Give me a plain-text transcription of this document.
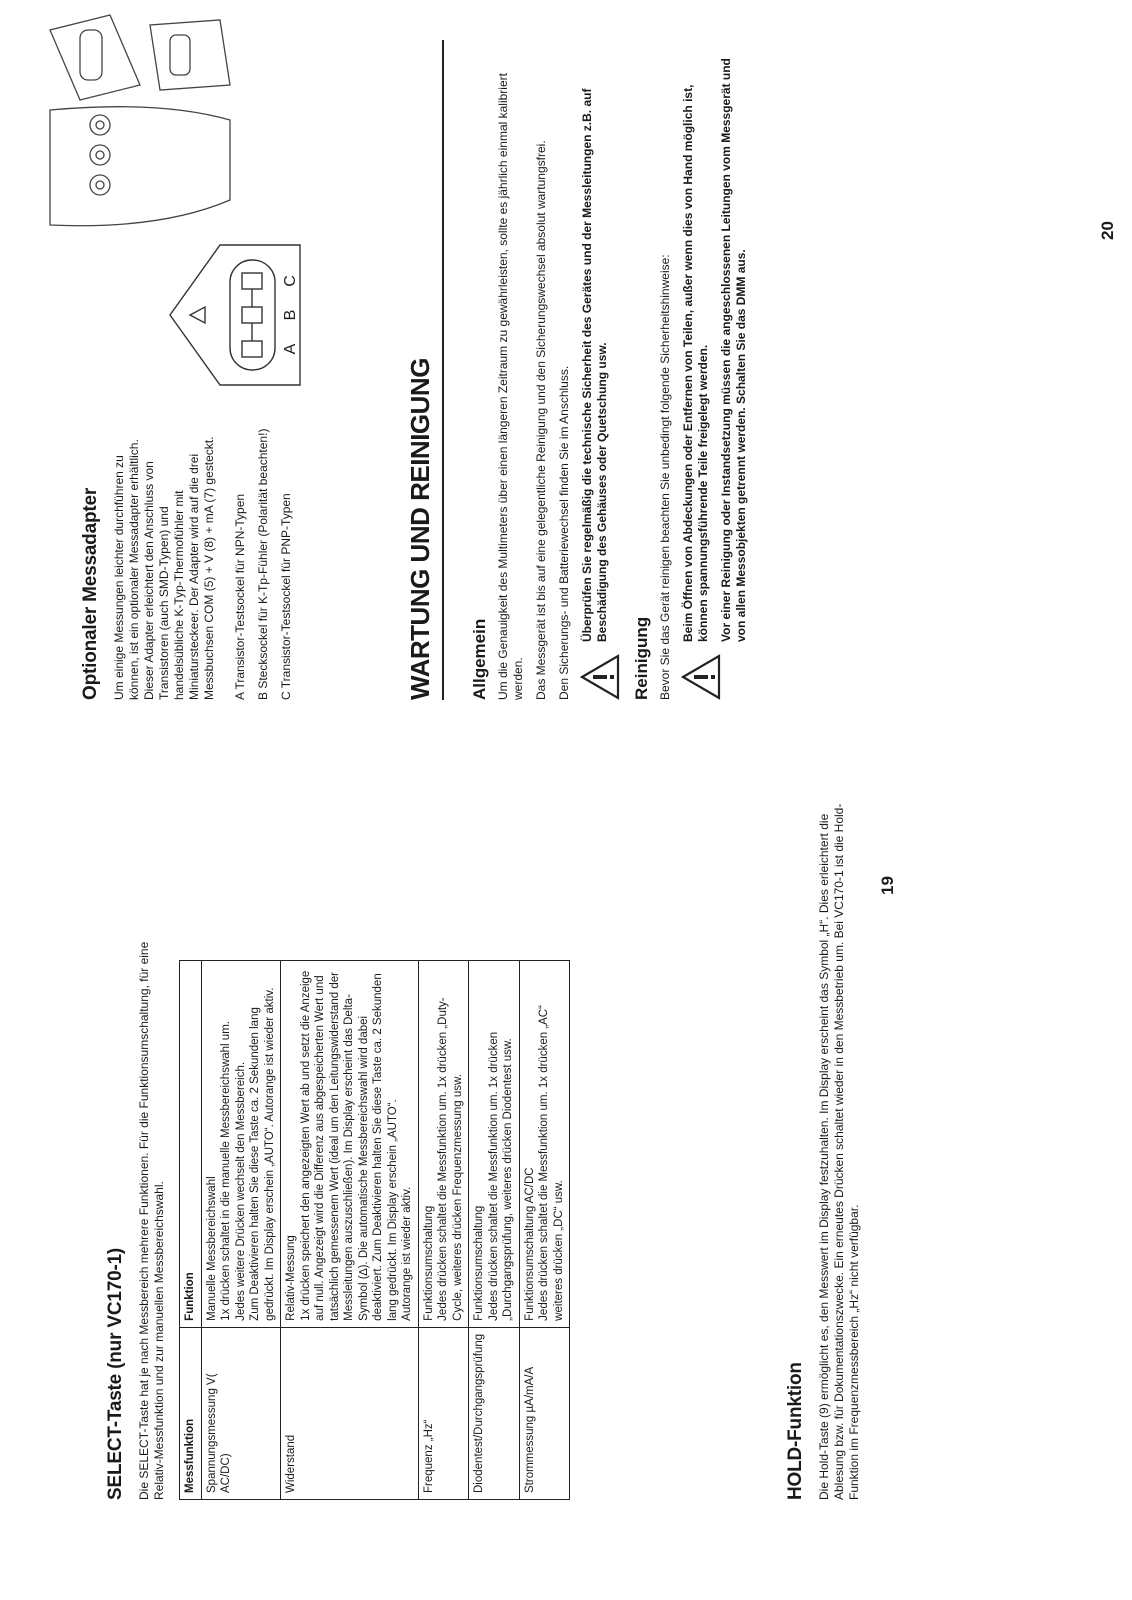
SELECT-Taste (nur VC170-1) Die SELECT-Taste hat je nach Messbereich mehrere Funktionen. Für die Funktionsumschaltung, für eine Relativ-Messfunktion und zur manuellen Messbereichswahl. Messfunktion	Funktion
Spannungsmessung V( AC/DC)	Manuelle Messbereichswahl 1x drücken schaltet in die manuelle Messbereichswahl um. Jedes weitere Drücken wechselt den Messbereich. Zum Deaktivieren halten Sie diese Taste ca. 2 Sekunden lang gedrückt. Im Display erschein „AUTO“. Autorange ist wieder aktiv.

Widerstand	Relativ-Messung 1x drücken speichert den angezeigten Wert ab und setzt die Anzeige auf null. Angezeigt wird die Differenz aus abgespeicherten Wert und tatsächlich gemessenem Wert (ideal um den Leitungswiderstand der Messleitungen auszuschließen). Im Display erscheint das Delta-Symbol (∆). Die automatische Messbereichswahl wird dabei deaktiviert. Zum Deaktivieren halten Sie diese Taste ca. 2 Sekunden lang gedrückt. Im Display erschein „AUTO“. Autorange ist wieder aktiv.

Frequenz „Hz“	Funktionsumschaltung Jedes drücken schaltet die Messfunktion um. 1x drücken „Duty-Cycle, weiteres drücken Frequenzmessung usw.

Diodentest/Durchgangsprüfung	Funktionsumschaltung Jedes drücken schaltet die Messfunktion um. 1x drücken „Durchgangsprüfung, weiteres drücken Diodentest usw.

Strommessung µA/mA/A	Funktionsumschaltung AC/DC Jedes drücken schaltet die Messfunktion um. 1x drücken „AC“ weiteres drücken „DC“ usw.
HOLD-Funktion Die Hold-Taste (9) ermöglicht es, den Messwert im Display festzuhalten. Im Display erscheint das Symbol „H“. Dies erleichtert die Ablesung bzw. für Dokumentationszwecke. Ein erneutes Drücken schaltet wieder in den Messbetrieb um. Bei VC170-1 ist die Hold-Funktion im Frequenzmessbereich „Hz“ nicht verfügbar.

19
Optionaler Messadapter Um einige Messungen leichter durchführen zu können, ist ein optionaler Messadapter erhältlich. Dieser Adapter erleichtert den Anschluss von Transistoren (auch SMD-Typen) und handelsübliche K-Typ-Thermofühler mit Miniatursteckeer. Der Adapter wird auf die drei Messbuchsen COM (5) + V (8) + mA (7) gesteckt. A Transistor-Testsockel für NPN-Typen B Stecksockel für K-Tp-Fühler (Polarität beachten!) C Transistor-Testsockel für PNP-Typen

A
B
C
WARTUNG UND REINIGUNG	Allgemein Um die Genauigkeit des Multimeters über einen längeren Zeitraum zu gewährleisten, sollte es jährlich einmal kalibriert werden. Das Messgerät ist bis auf eine gelegentliche Reinigung und den Sicherungswechsel absolut wartungsfrei. Den Sicherungs- und Batteriewechsel finden Sie im Anschluss. Überprüfen Sie regelmäßig die technische Sicherheit des Gerätes und der Messleitungen z.B. auf Beschädigung des Gehäuses oder Quetschung usw.

Reinigung Bevor Sie das Gerät reinigen beachten Sie unbedingt folgende Sicherheitshinweise: Beim Öffnen von Abdeckungen oder Entfernen von Teilen, außer wenn dies von Hand möglich ist, können spannungsführende Teile freigelegt werden. Vor einer Reinigung oder Instandsetzung müssen die angeschlossenen Leitungen vom Messgerät und von allen Messobjekten getrennt werden. Schalten Sie das DMM aus.

20
